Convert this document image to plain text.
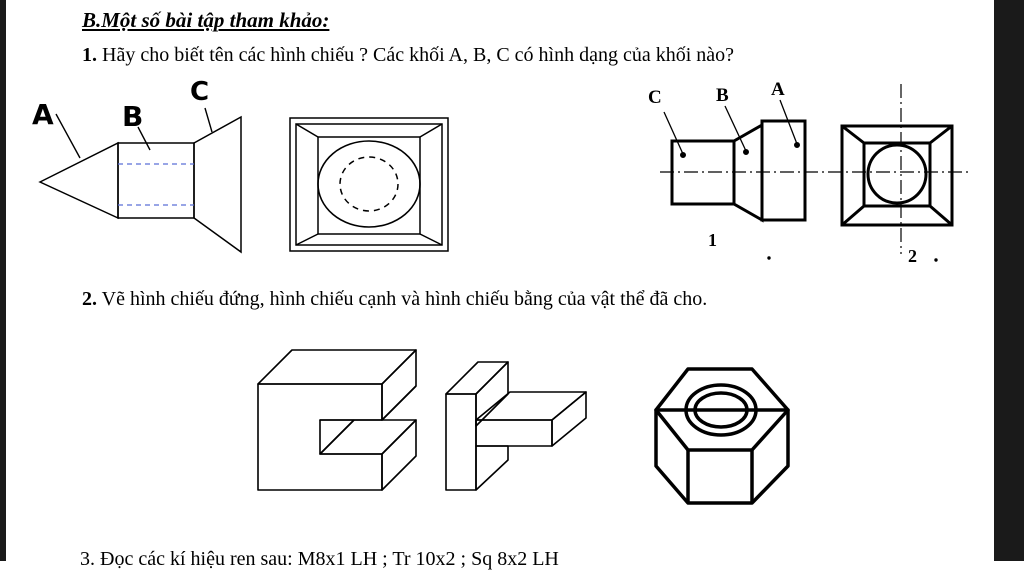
B.Một số bài tập tham khảo:
1. Hãy cho biết tên các hình chiếu ? Các khối A, B, C có hình dạng của khối nào?
A B
C	C	B A
1
2
2. Vẽ hình chiếu đứng, hình chiếu cạnh và hình chiếu bằng của vật thể đã cho.
3. Đọc các kí hiệu ren sau: M8x1 LH ; Tr 10x2 ; Sq 8x2 LH
